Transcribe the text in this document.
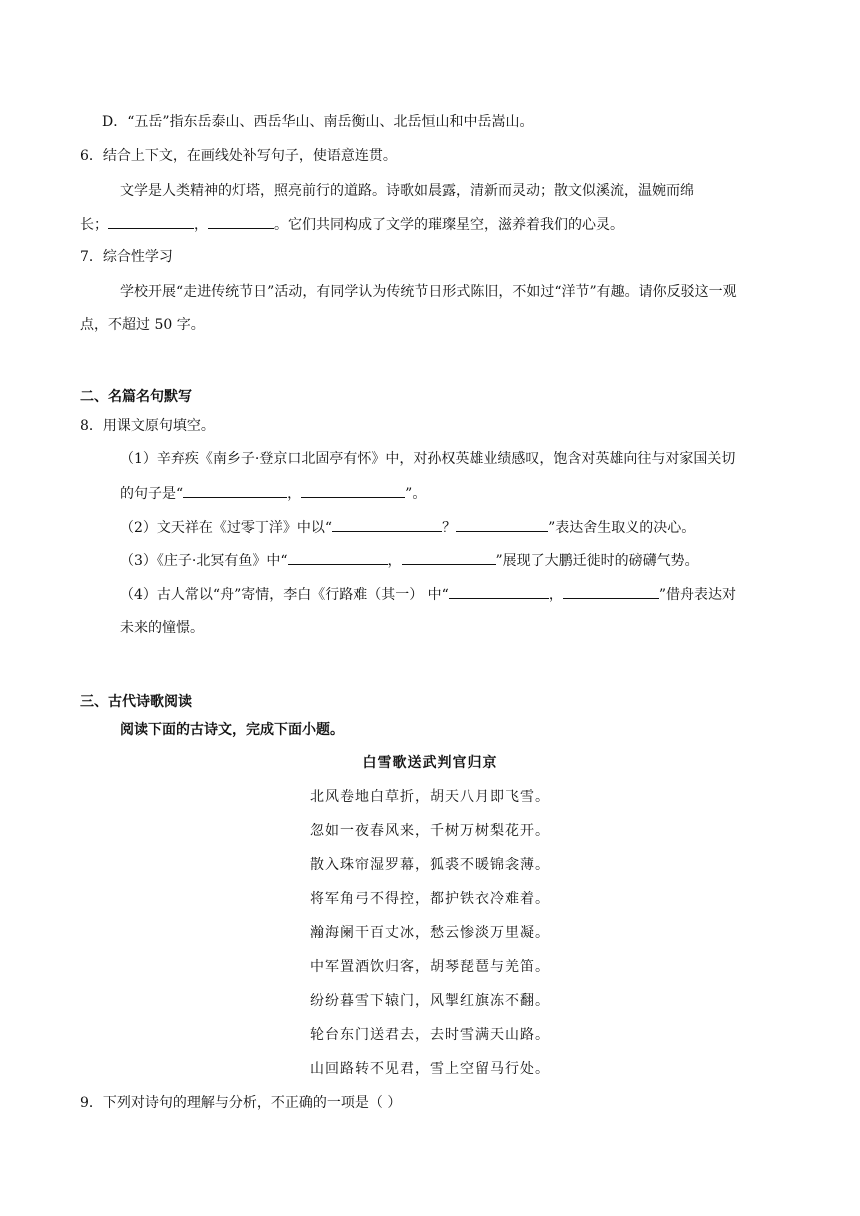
D．“五岳”指东岳泰山、西岳华山、南岳衡山、北岳恒山和中岳嵩山。
6．结合上下文，在画线处补写句子，使语意连贯。
文学是人类精神的灯塔，照亮前行的道路。诗歌如晨露，清新而灵动；散文似溪流，温婉而绵
长；	，	。它们共同构成了文学的璀璨星空，滋养着我们的心灵。
7．综合性学习
学校开展“走进传统节日”活动，有同学认为传统节日形式陈旧，不如过“洋节”有趣。请你反驳这一观
点，不超过 50 字。
二、名篇名句默写
8．用课文原句填空。
（1）辛弃疾《南乡子·登京口北固亭有怀》中，对孙权英雄业绩感叹，饱含对英雄向往与对家国关切
的句子是“	，	”。
（2）文天祥在《过零丁洋》中以“	？	”表达舍生取义的决心。
（3）《庄子·北冥有鱼》中“	，	”展现了大鹏迁徙时的磅礴气势。
（4）古人常以“舟”寄情，李白《行路难（其一） 中“	，	”借舟表达对
未来的憧憬。
三、古代诗歌阅读
阅读下面的古诗文，完成下面小题。
白雪歌送武判官归京
北风卷地白草折，胡天八月即飞雪。
忽如一夜春风来，千树万树梨花开。
散入珠帘湿罗幕，狐裘不暖锦衾薄。
将军角弓不得控，都护铁衣冷难着。
瀚海阑干百丈冰，愁云惨淡万里凝。
中军置酒饮归客，胡琴琵琶与羌笛。
纷纷暮雪下辕门，风掣红旗冻不翻。
轮台东门送君去，去时雪满天山路。
山回路转不见君，雪上空留马行处。
9．下列对诗句的理解与分析，不正确的一项是（ ）
